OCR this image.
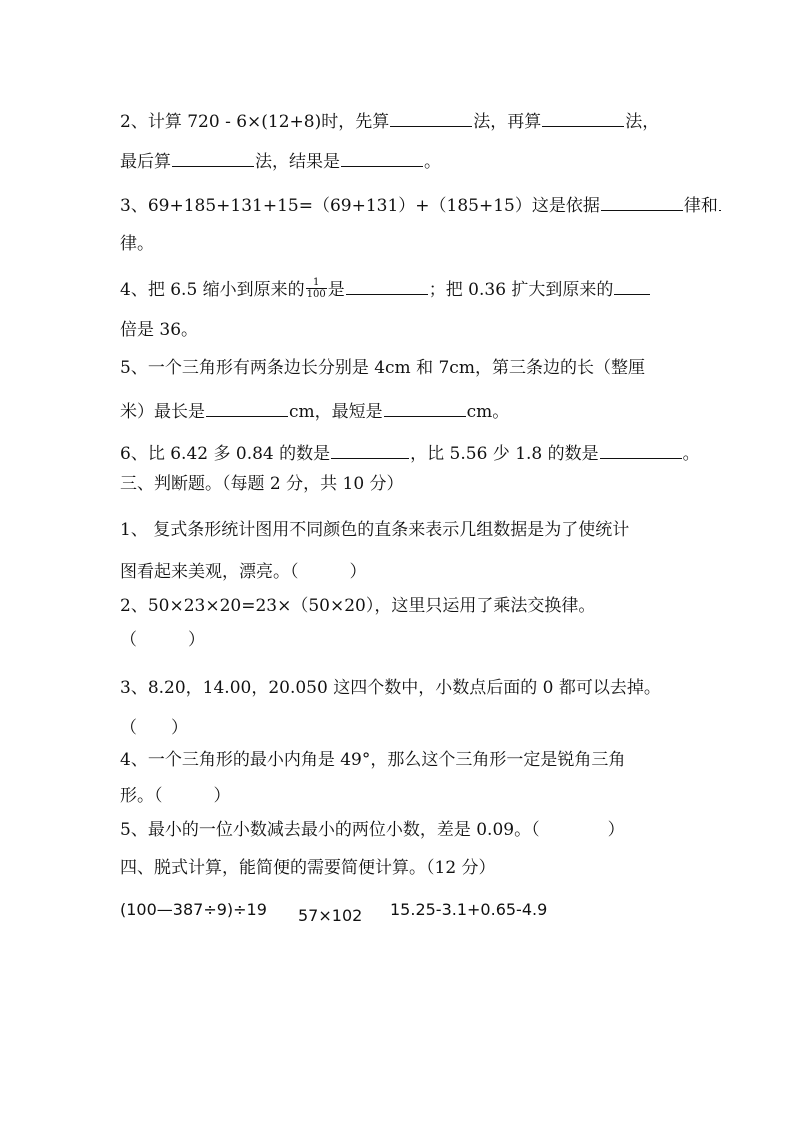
2、计算 720 - 6×(12+8)时，先算	法，再算	法，
最后算	法，结果是	。
3、69+185+131+15=（69+131）+（185+15）这是依据	律和
律。
4、把 6.5 缩小到原来的 $\frac{1}{100}$ 是	；把 0.36 扩大到原来的
倍是 36。
5、一个三角形有两条边长分别是 4cm 和 7cm，第三条边的长（整厘
米）最长是	cm，最短是	cm。
6、比 6.42 多 0.84 的数是	，比 5.56 少 1.8 的数是	。
三、判断题。（每题 2 分，共 10 分）
1、 复式条形统计图用不同颜色的直条来表示几组数据是为了使统计
图看起来美观，漂亮。（　　　）
2、50×23×20=23×（50×20），这里只运用了乘法交换律。
（　　　）
3、8.20，14.00，20.050 这四个数中，小数点后面的 0 都可以去掉。
（　　）
4、一个三角形的最小内角是 49°，那么这个三角形一定是锐角三角
形。（　　　）
5、最小的一位小数减去最小的两位小数，差是 0.09。（　　　　）
四、脱式计算，能简便的需要简便计算。（12 分）
(100—387÷9)÷19 57×102 15.25-3.1+0.65-4.9
